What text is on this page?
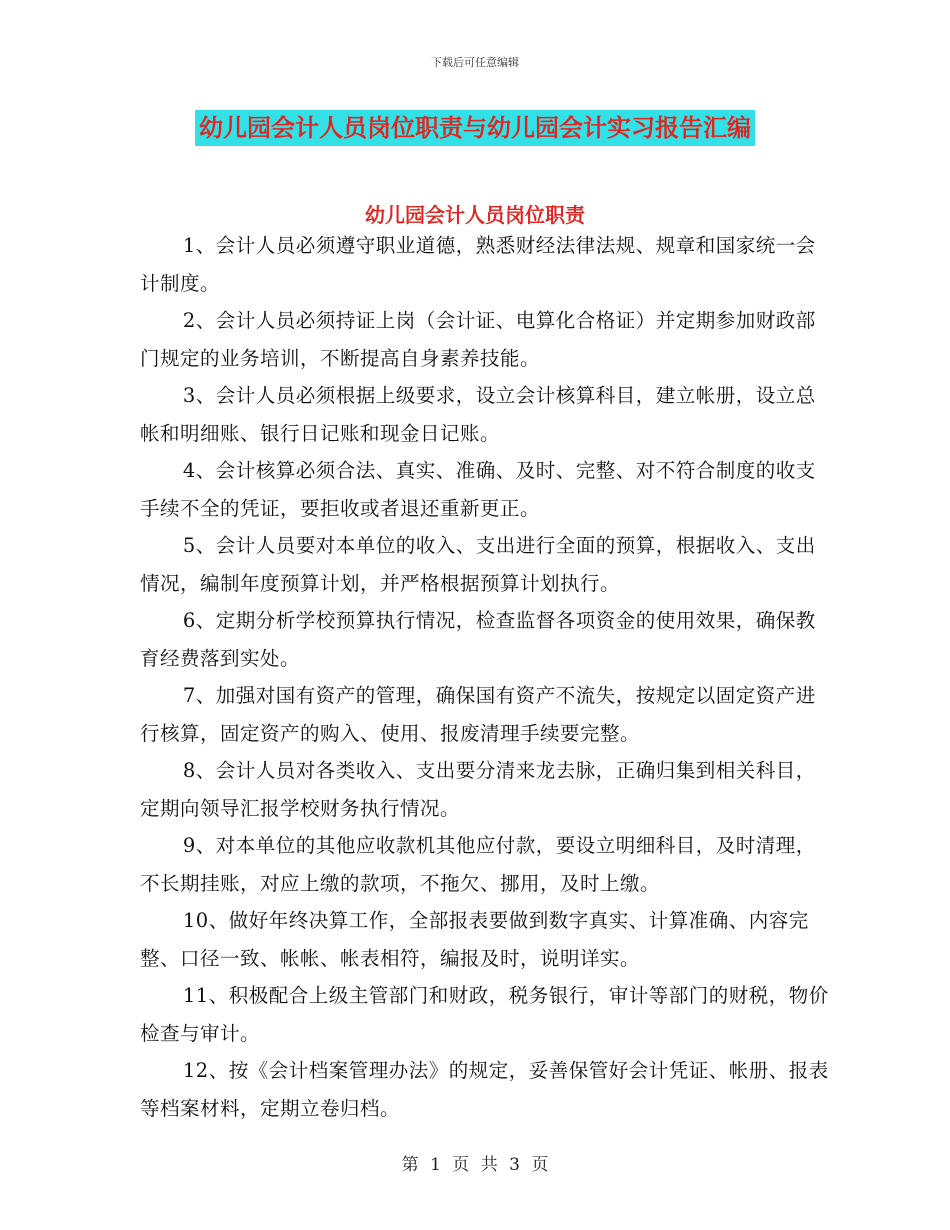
下载后可任意编辑
幼儿园会计人员岗位职责与幼儿园会计实习报告汇编
幼儿园会计人员岗位职责

1、会计人员必须遵守职业道德，熟悉财经法律法规、规章和国家统一会计制度。

2、会计人员必须持证上岗（会计证、电算化合格证）并定期参加财政部门规定的业务培训，不断提高自身素养技能。

3、会计人员必须根据上级要求，设立会计核算科目，建立帐册，设立总帐和明细账、银行日记账和现金日记账。

4、会计核算必须合法、真实、准确、及时、完整、对不符合制度的收支手续不全的凭证，要拒收或者退还重新更正。

5、会计人员要对本单位的收入、支出进行全面的预算，根据收入、支出情况，编制年度预算计划，并严格根据预算计划执行。

6、定期分析学校预算执行情况，检查监督各项资金的使用效果，确保教育经费落到实处。

7、加强对国有资产的管理，确保国有资产不流失，按规定以固定资产进行核算，固定资产的购入、使用、报废清理手续要完整。

8、会计人员对各类收入、支出要分清来龙去脉，正确归集到相关科目，定期向领导汇报学校财务执行情况。

9、对本单位的其他应收款机其他应付款，要设立明细科目，及时清理，不长期挂账，对应上缴的款项，不拖欠、挪用，及时上缴。

10、做好年终决算工作，全部报表要做到数字真实、计算准确、内容完整、口径一致、帐帐、帐表相符，编报及时，说明详实。

11、积极配合上级主管部门和财政，税务银行，审计等部门的财税，物价检查与审计。

12、按《会计档案管理办法》的规定，妥善保管好会计凭证、帐册、报表等档案材料，定期立卷归档。

第 1 页 共 3 页
